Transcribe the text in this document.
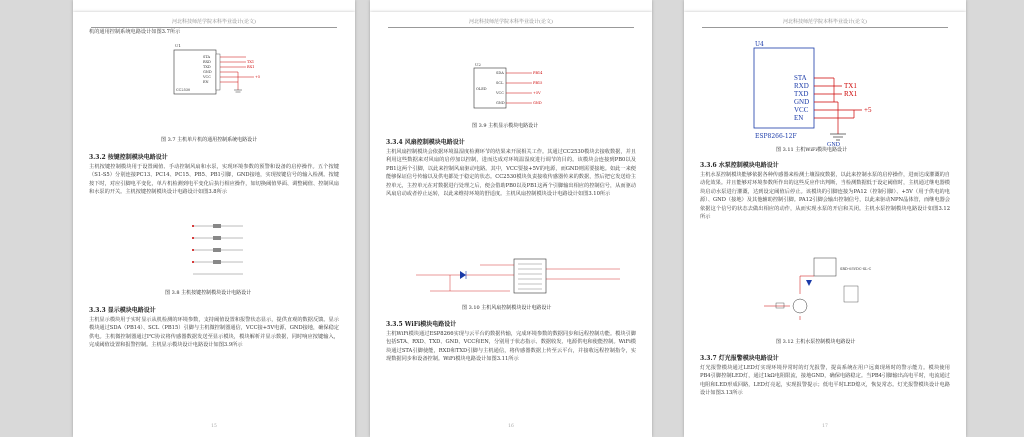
河北科技师范学院本科毕业设计(论文)
机的通用控制系统电路设计如图3.7所示
U1
CC2530
STA
RXD
TXD
GND
VCC
EN
TX1
RX1
+5
图 3.7 主机单片机的通用控制系统电路设计
3.3.2 按键控制模块电路设计
主机按键控制模块用于设置阈值、手动控制风扇和水泵，实现环境参数的预警和设备的启停操作。五个按键（S1-S5）分别连接PC13、PC14、PC15、PB5、PB1引脚，GND接地，实现按键信号的输入检测。按键按下时，对应引脚电平变化，单片机检测到电平变化后执行相应操作，如切换阈值界面、调整阈值、控制风扇和水泵的开关。主机按键控制模块设计电路设计如图3.8所示
图 3.8 主机按键控制模块设计电路设计
3.3.3 显示模块电路设计
主机显示模块用于实时显示从机检测的环境参数，支持阈值设置和报警状态显示，提供直观的数据反馈。显示模块通过SDA（PB14）、SCL（PB15）引脚与主机微控制器通信，VCC接+5V电源，GND接地，确保稳定供电。主机微控制器通过I²C协议将传感器数据发送至显示模块，模块解析并显示数据，同时响应按键输入，完成阈值设置和报警控制。主机显示模块设计电路设计如图3.9所示
15
河北科技师范学院本科毕业设计(论文)
U2
OLED
SDA
SCL
VCC
GND
PB14
PB15
+5V
GND
图 3.9 主机显示模块电路设计
3.3.4 风扇控制模块电路设计
主机风扇控制模块会依据环境温湿度检测环节的结果来开展相关工作。其通过CC2530模块去接收数据，并且利用这些数据来对风扇的启停加以控制，进而达成对环境温湿度进行调节的目的。该模块会连接到PB0以及PB1这两个引脚，以此来控制风扇驱动电路。其中，VCC要接+5V的电源，而GND则需要接地。如此一来便能够保证信号传输以及供电都处于稳定的状态。CC2530模块负责接收传感器传来的数据，然后把它发送给主控单元，主控单元在对数据进行处理之后，便会借助PB0以及PB1这两个引脚输出相应的控制信号，从而驱动风扇启动或者停止运转，以此来维持环境的舒适度。主机风扇控制模块设计电路设计如图3.10所示
图 3.10 主机风扇控制模块设计电路设计
3.3.5 WiFi模块电路设计
主机WiFi模块通过ESP8266实现与云平台的数据传输，完成环境参数的数据同步和远程控制功能。模块引脚包括STA、RXD、TXD、GND、VCC和EN，分别用于状态指示、数据收发、电源供电和使能控制。WiFi模块通过STA引脚使能，RXD和TXD引脚与主机通信，将传感器数据上传至云平台，并接收远程控制指令，实现数据同步和设备控制。WiFi模块电路设计如图3.11所示
16
河北科技师范学院本科毕业设计(论文)
U4
ESP8266-12F
STA
RXD
TXD
GND
VCC
EN
TX1
RX1
+5
GND
图 3.11 主机WiFi模块电路设计
3.3.6 水泵控制模块电路设计
主机水泵控制模块能够依据各种传感器来检测土壤湿度数据，以此来控制水泵的启停操作，进而达成灌溉的自动化效果。并且能够对环境参数所作出的这些反应作出判断，当检测数据低于设定阈值时，主机通过继电器模块启动水泵进行灌溉，达到设定阈值后停止。该模块的引脚连接为PA12（控制引脚）、+5V（用于供电的电源）、GND（接地）及其他辅助控制引脚。PA12引脚会输出控制信号，以此来驱动NPN晶体管，而继电器会依据这个信号的状态去做出相应的动作，从而实现水泵的开启和关闭。主机水泵控制模块电路设计如图3.12所示
SRD-05VDC-SL-C
图 3.12 主机水泵控制模块电路设计
3.3.7 灯光报警模块电路设计
灯光报警模块通过LED灯实现环境异常时的灯光报警，提高系统在用户远离现场时的警示能力。模块使用PB4引脚控制LED灯，通过1kΩ电阻限流，接地GND，确保电路稳定。当PB4引脚输出高电平时，电流通过电阻和LED形成回路，LED灯亮起，实现报警提示；低电平时LED熄灭，恢复常态。灯光报警模块设计电路设计如图3.13所示
17
